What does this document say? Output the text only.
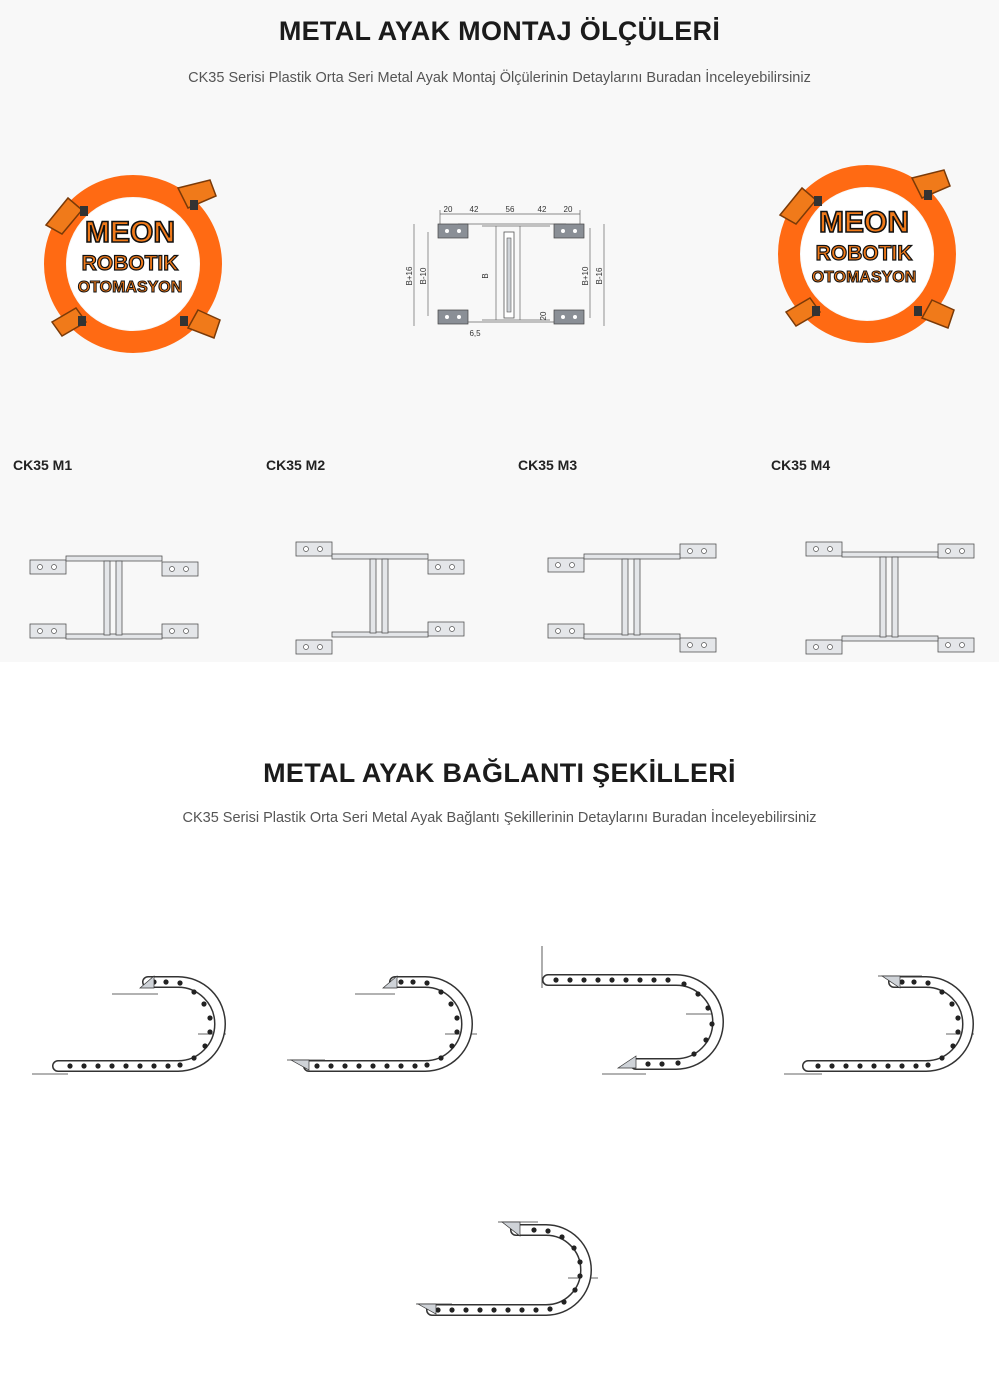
METAL AYAK MONTAJ ÖLÇÜLERİ
CK35 Serisi Plastik Orta Seri Metal Ayak Montaj Ölçülerinin Detaylarını Buradan İnceleyebilirsiniz
MEON
ROBOTIK
OTOMASYON
MEON
ROBOTIK
OTOMASYON
20 42	56	42 20
B+16 B-10	B	B+10 B-16
20
6,5
CK35 M1	CK35 M2	CK35 M3	CK35 M4
METAL AYAK BAĞLANTI ŞEKİLLERİ
CK35 Serisi Plastik Orta Seri Metal Ayak Bağlantı Şekillerinin Detaylarını Buradan İnceleyebilirsiniz
